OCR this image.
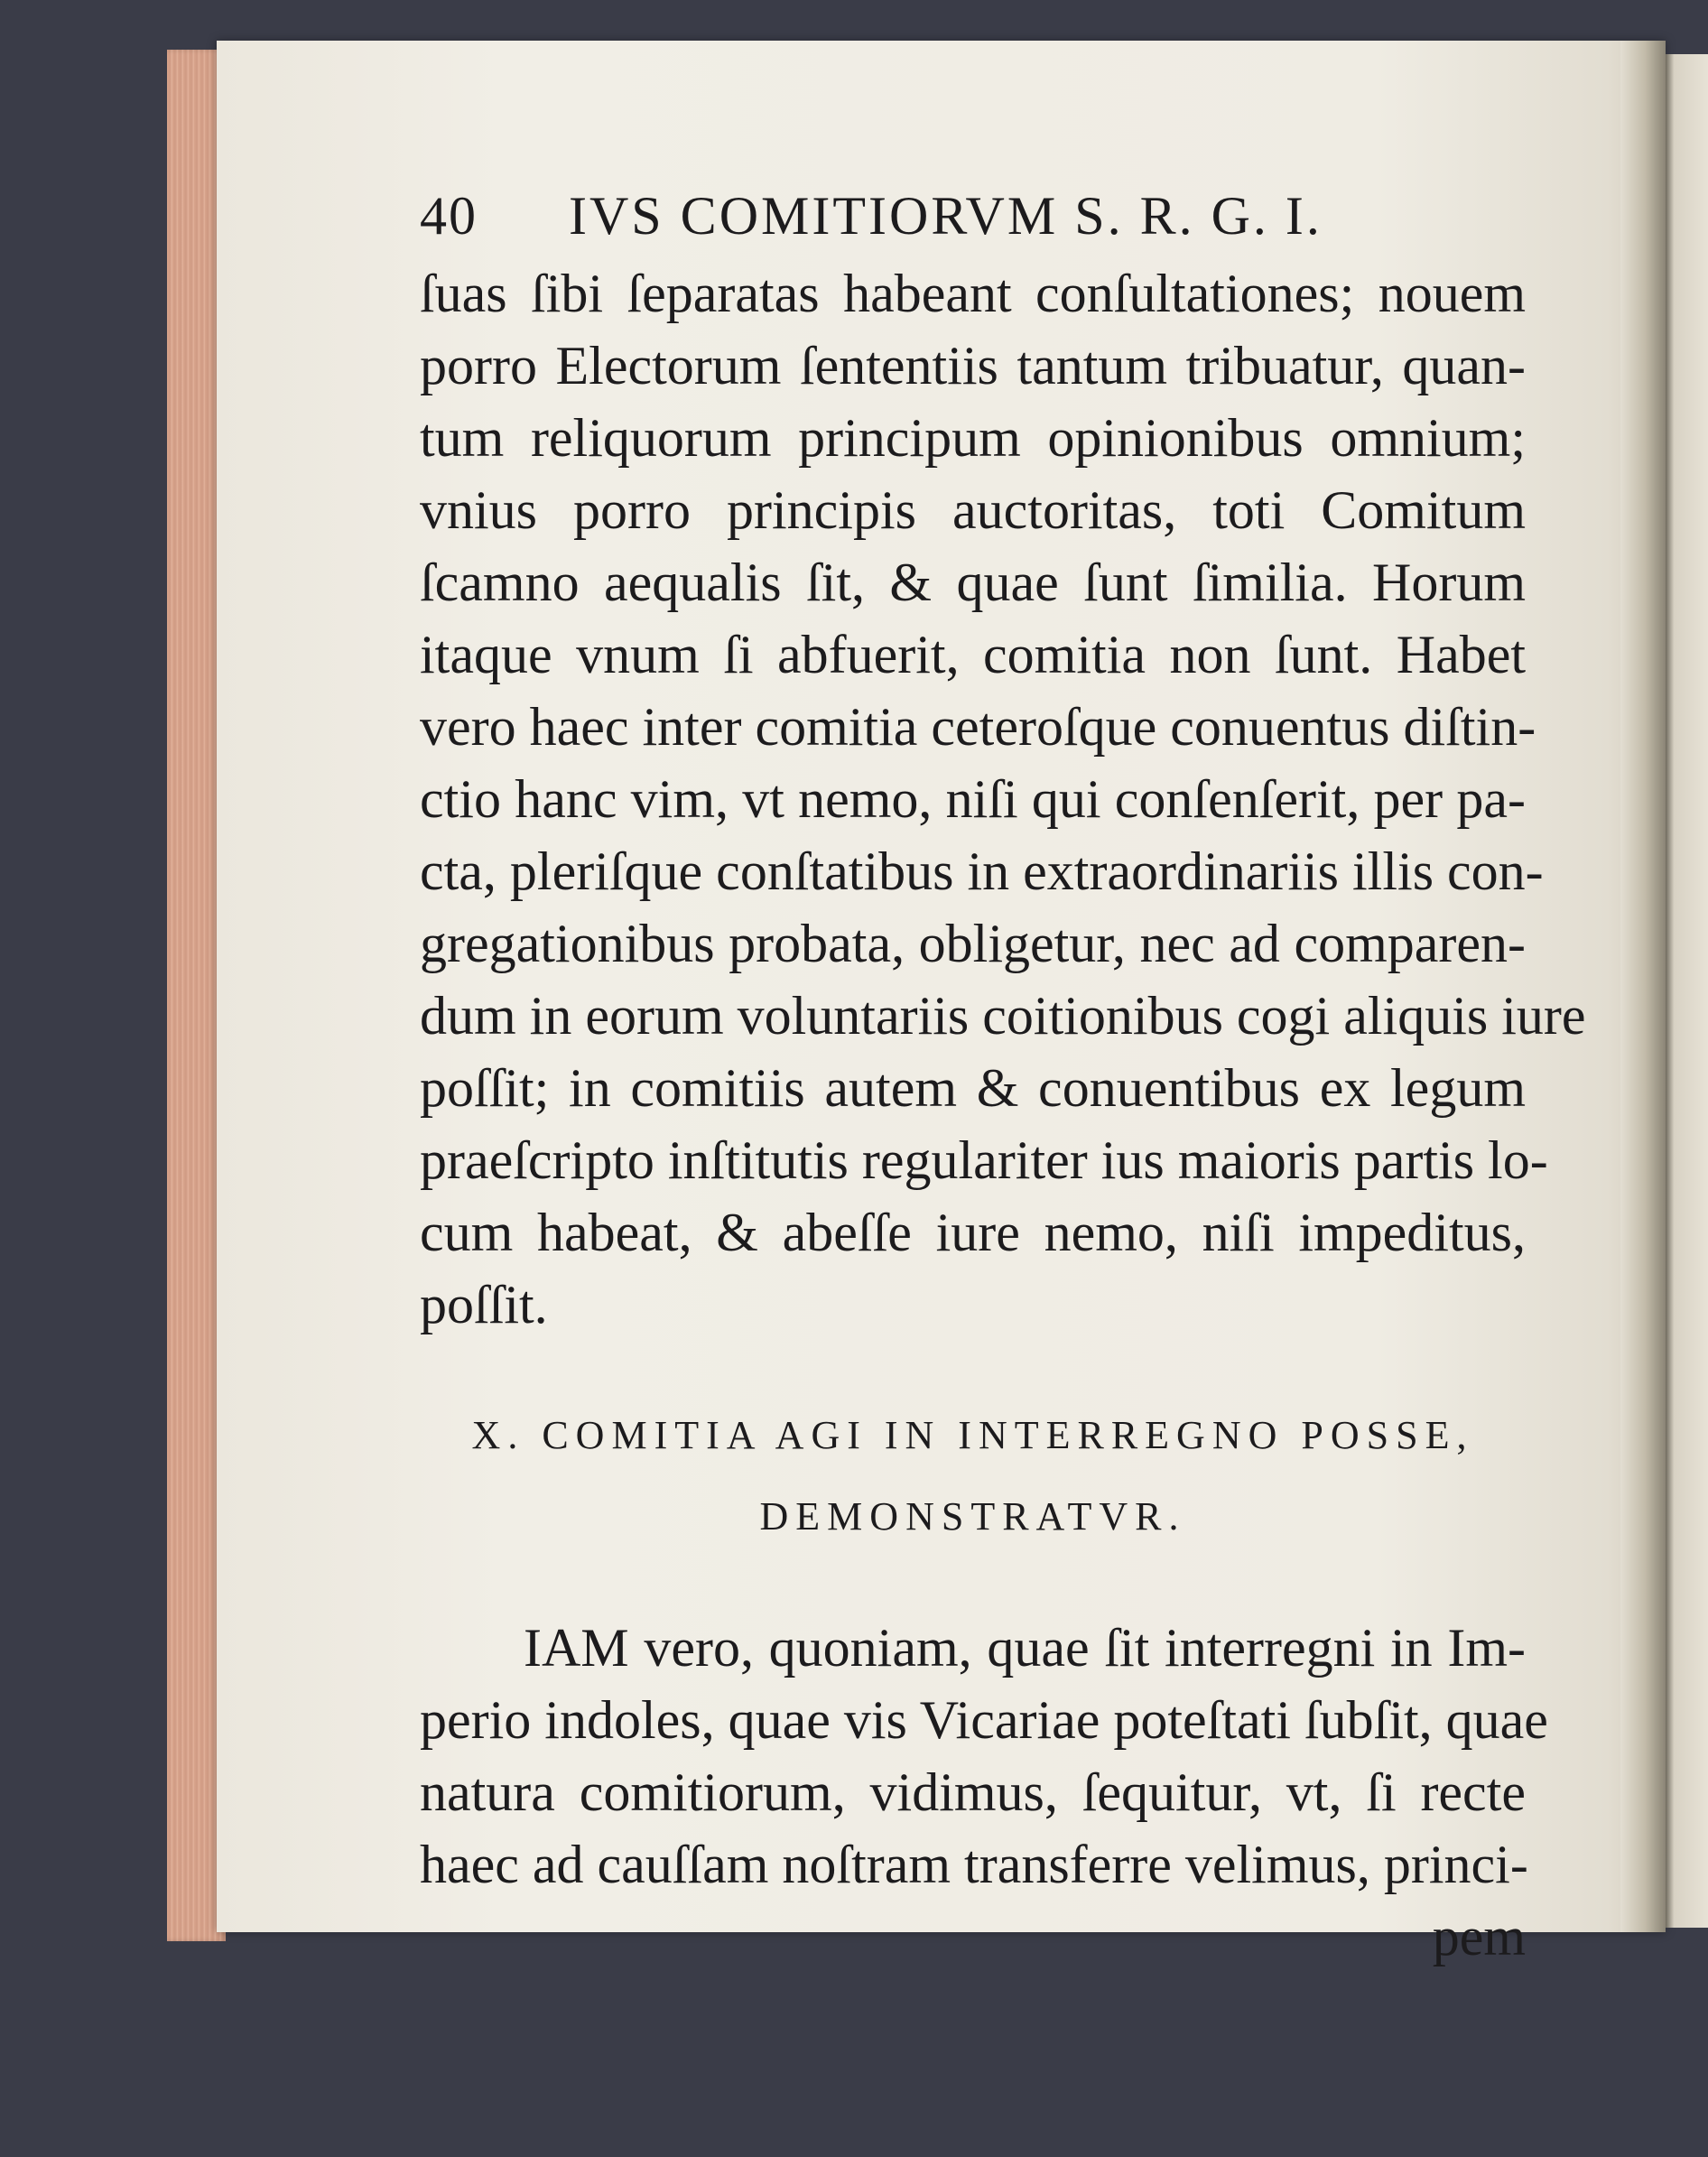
40 IVS COMITIORVM S. R. G. I.
ſuas ſibi ſeparatas habeant conſultationes; nouem
porro Electorum ſententiis tantum tribuatur, quan-
tum reliquorum principum opinionibus omnium;
vnius porro principis auctoritas, toti Comitum
ſcamno aequalis ſit, & quae ſunt ſimilia. Horum
itaque vnum ſi abfuerit, comitia non ſunt. Habet
vero haec inter comitia ceteroſque conuentus diſtin-
ctio hanc vim, vt nemo, niſi qui conſenſerit, per pa-
cta, pleriſque conſtatibus in extraordinariis illis con-
gregationibus probata, obligetur, nec ad comparen-
dum in eorum voluntariis coitionibus cogi aliquis iure
poſſit; in comitiis autem & conuentibus ex legum
praeſcripto inſtitutis regulariter ius maioris partis lo-
cum habeat, & abeſſe iure nemo, niſi impeditus,
poſſit.
X. COMITIA AGI IN INTERREGNO POSSE,
DEMONSTRATVR.
IAM vero, quoniam, quae ſit interregni in Im-
perio indoles, quae vis Vicariae poteſtati ſubſit, quae
natura comitiorum, vidimus, ſequitur, vt, ſi recte
haec ad cauſſam noſtram transferre velimus, princi-
pem
